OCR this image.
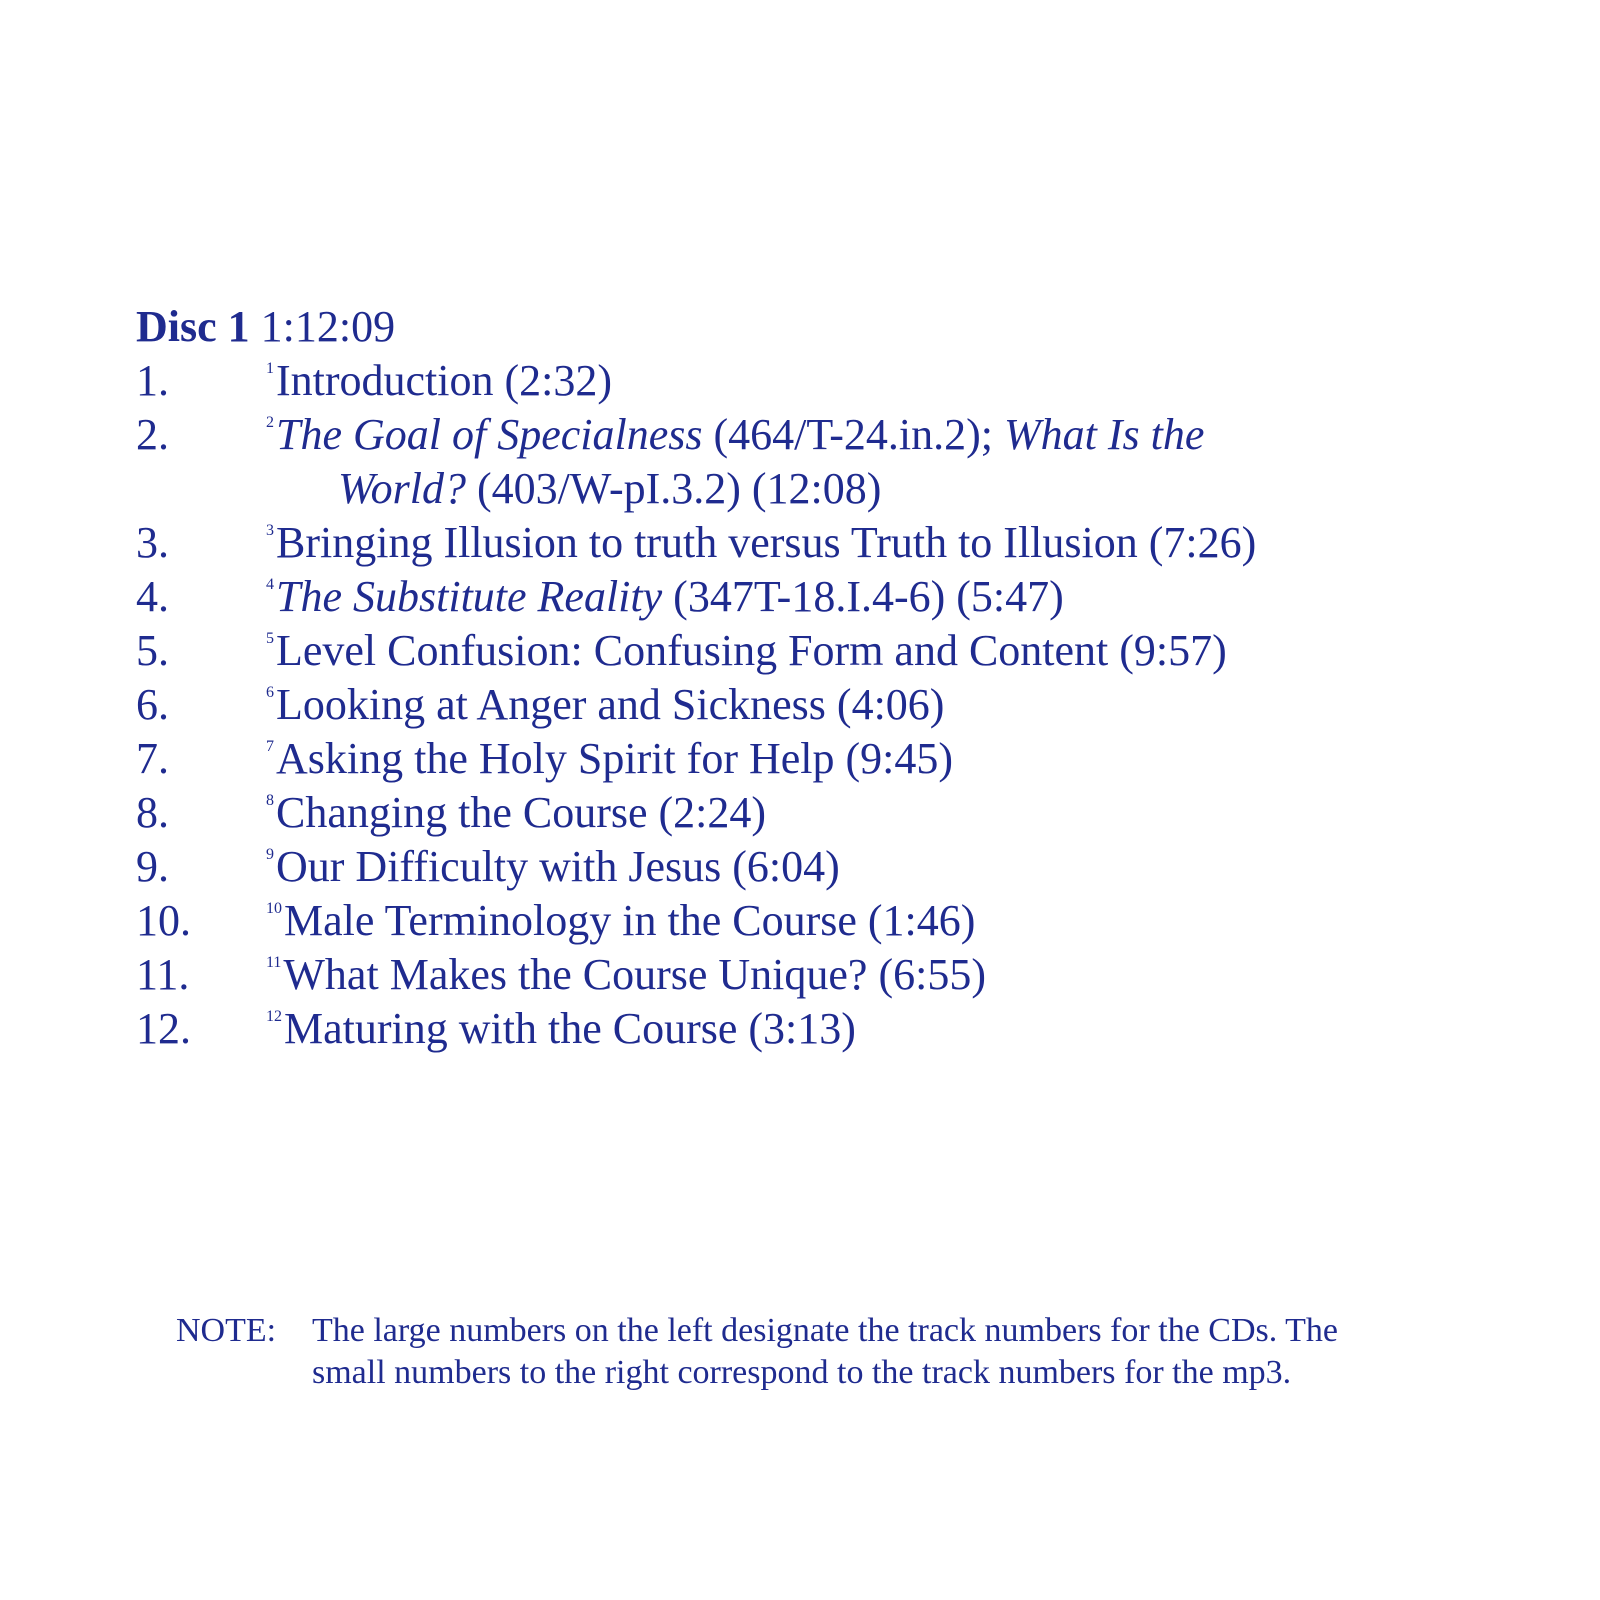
Disc 1 1:12:09
1.	$^1$Introduction (2:32)
2.	$^2$The Goal of Specialness (464/T-24.in.2); What Is the
World? (403/W-pI.3.2) (12:08)
3.	$^3$Bringing Illusion to truth versus Truth to Illusion (7:26)
4.	$^4$The Substitute Reality (347T-18.I.4-6) (5:47)
5.	$^5$Level Confusion: Confusing Form and Content (9:57)
6.	$^6$Looking at Anger and Sickness (4:06)
7.	$^7$Asking the Holy Spirit for Help (9:45)
8.	$^8$Changing the Course (2:24)
9.	$^9$Our Difficulty with Jesus (6:04)
10.	$^{10}$Male Terminology in the Course (1:46)
11.	$^{11}$What Makes the Course Unique? (6:55)
12.	$^{12}$Maturing with the Course (3:13)
NOTE: The large numbers on the left designate the track numbers for the CDs. The
small numbers to the right correspond to the track numbers for the mp3.
